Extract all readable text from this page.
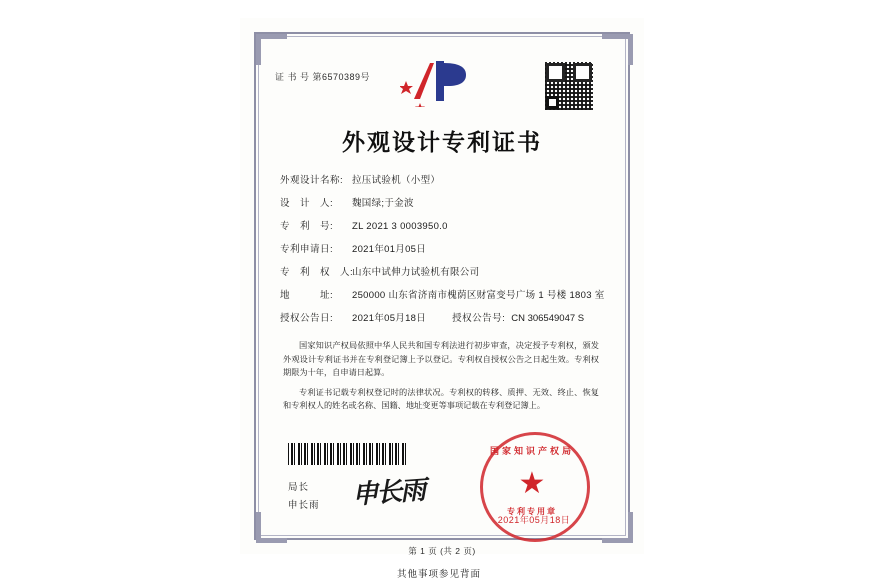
证 书 号 第6570389号
外观设计专利证书
外观设计名称: 拉压试验机（小型）
设　计　人:	魏国绿;于金波
专　利　号:	ZL 2021 3 0003950.0
专利申请日:	2021年01月05日
专　利　权　人:
山东中试伸力试验机有限公司
地　　　址:	250000 山东省济南市槐荫区财富变号广场 1 号楼 1803 室
授权公告日:	2021年05月18日	授权公告号: CN 306549047 S

国家知识产权局依照中华人民共和国专利法进行初步审查，决定授予专利权，颁发外观设计专利证书并在专利登记簿上予以登记。专利权自授权公告之日起生效。专利权期限为十年，自申请日起算。

专利证书记载专利权登记时的法律状况。专利权的转移、质押、无效、终止、恢复和专利权人的姓名或名称、国籍、地址变更等事项记载在专利登记簿上。

局长
申长雨 申长雨
国家知识产权局
★
专利专用章
2021年05月18日
第 1 页 (共 2 页)
其他事项参见背面
